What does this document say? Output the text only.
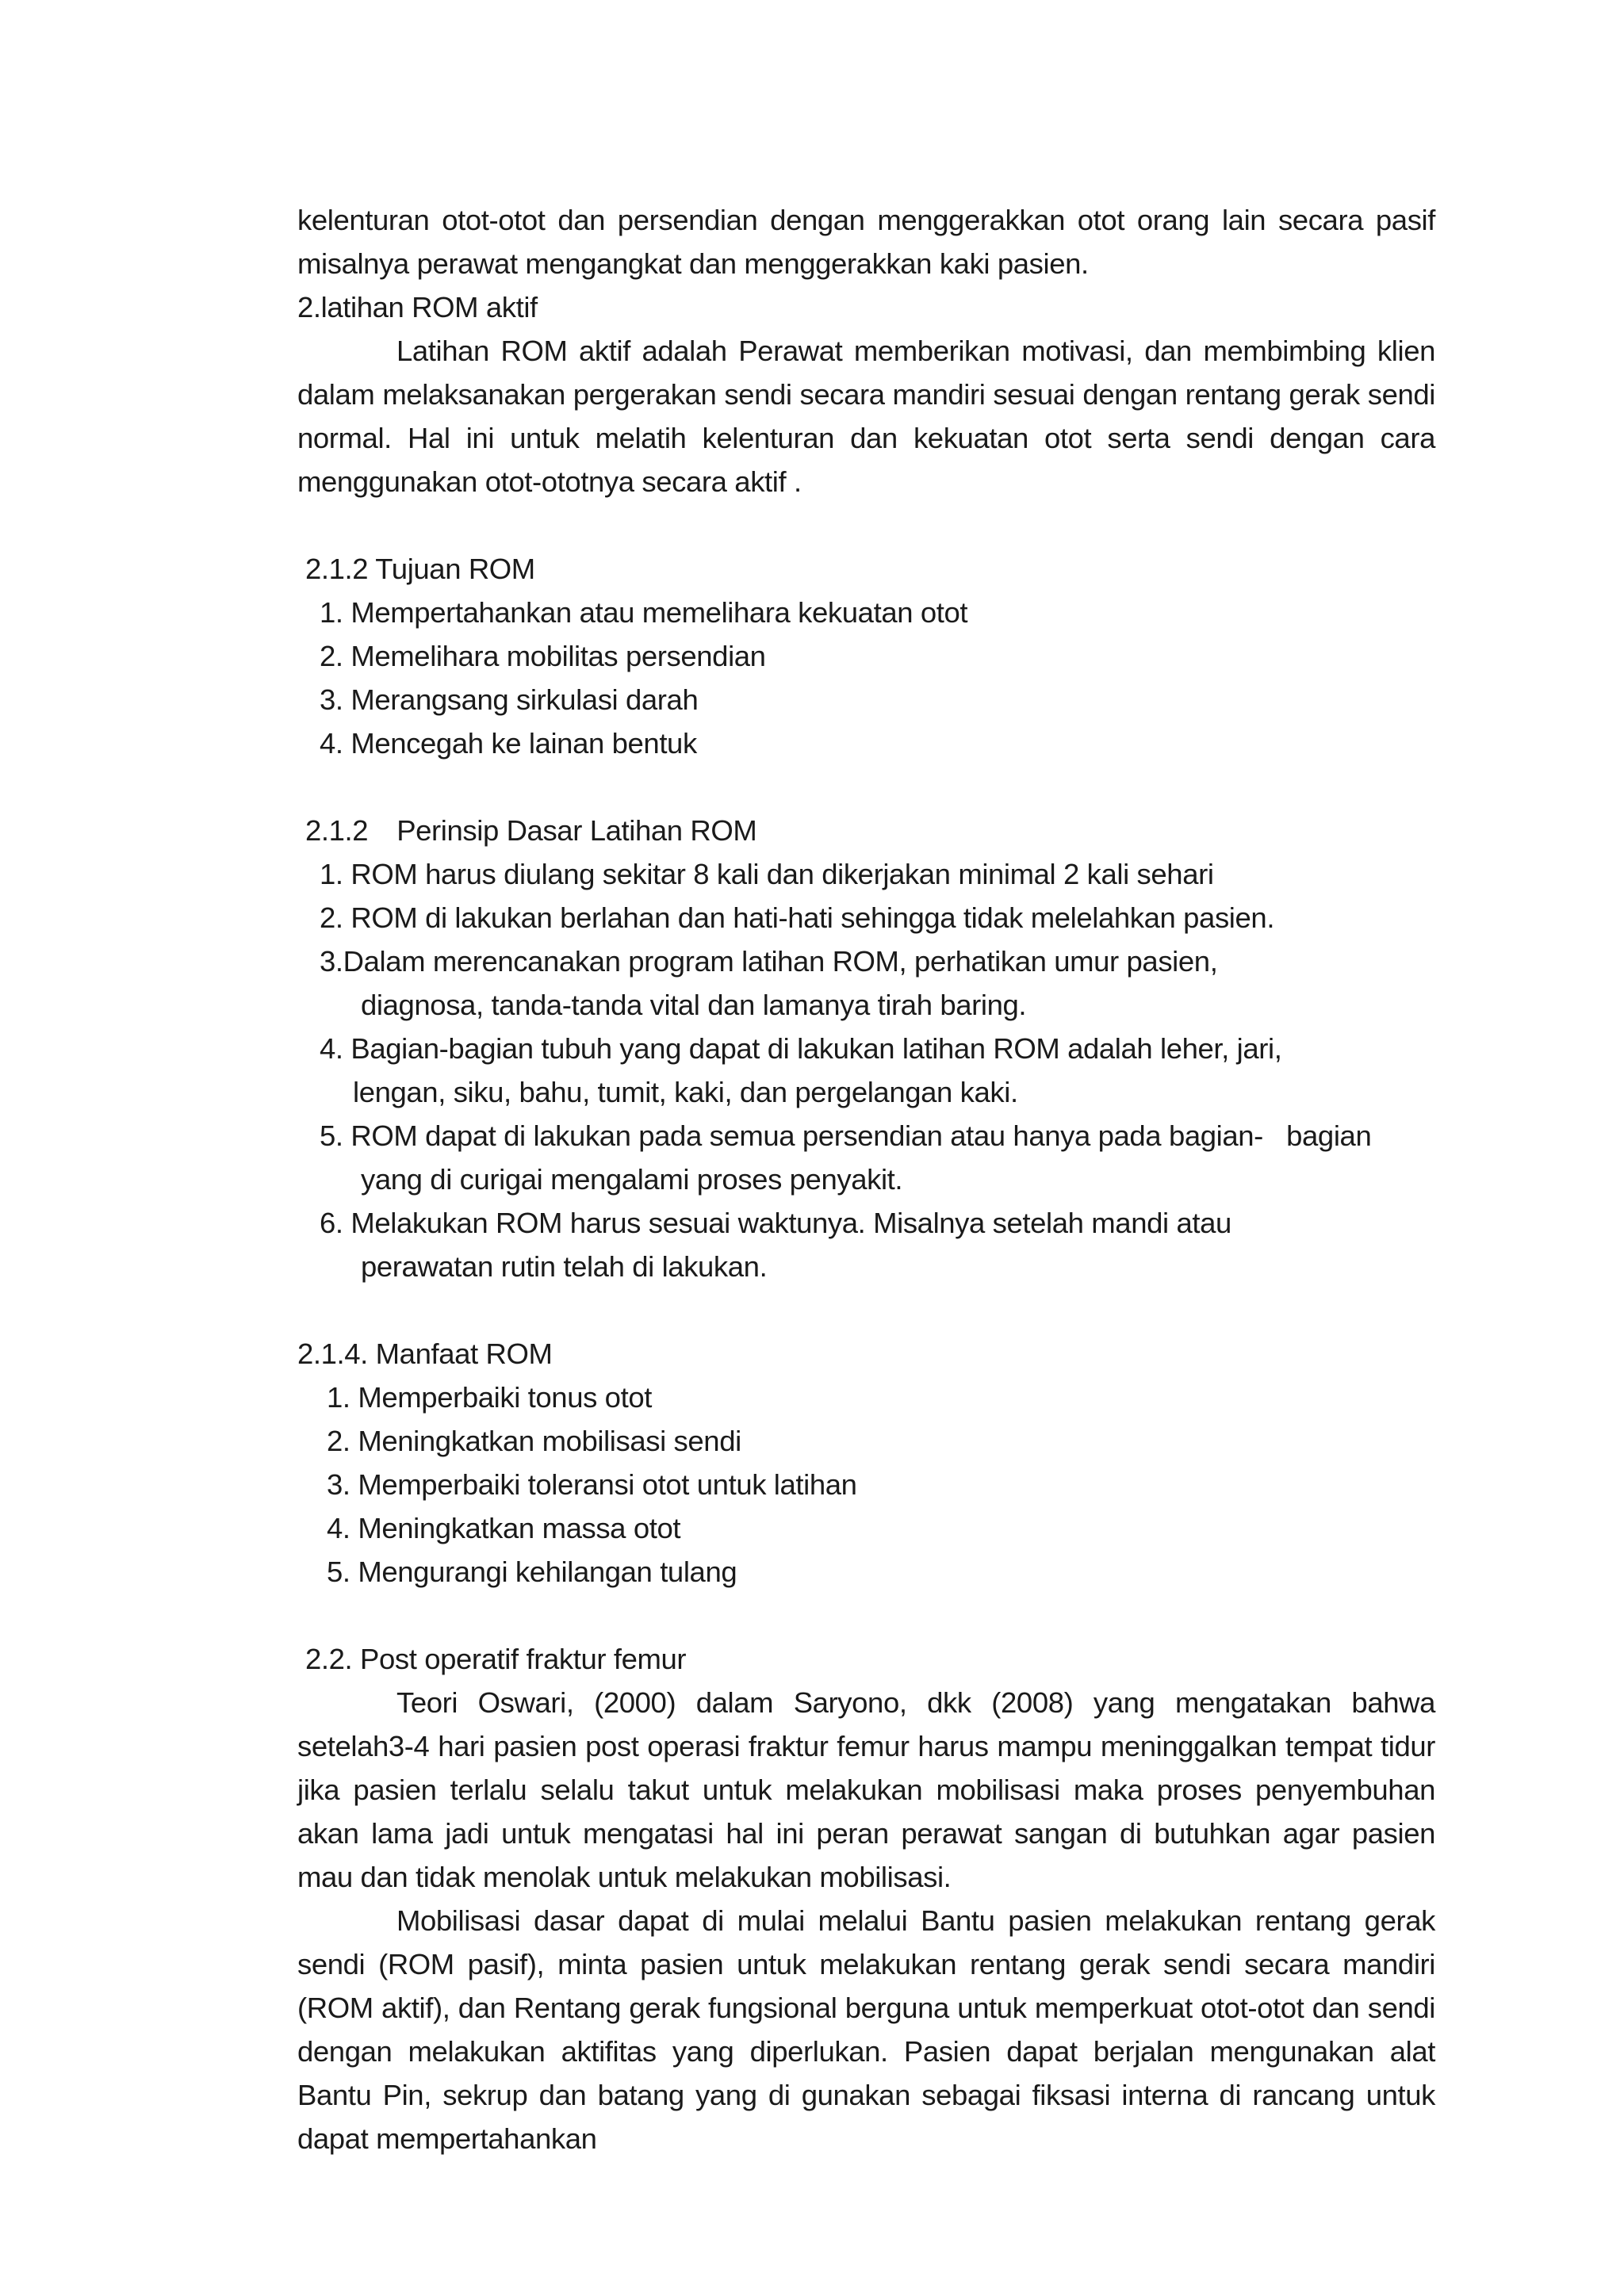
kelenturan otot-otot dan persendian dengan menggerakkan otot orang lain secara pasif misalnya perawat mengangkat dan menggerakkan kaki pasien.

2.latihan ROM aktif

Latihan ROM aktif adalah Perawat memberikan motivasi, dan membimbing klien dalam melaksanakan pergerakan sendi secara mandiri sesuai dengan rentang gerak sendi normal. Hal ini untuk melatih kelenturan dan kekuatan otot serta sendi dengan cara menggunakan otot-ototnya secara aktif .

2.1.2 Tujuan ROM
1. Mempertahankan atau memelihara kekuatan otot
2. Memelihara mobilitas persendian
3. Merangsang sirkulasi darah
4. Mencegah ke lainan bentuk
2.1.2 Perinsip Dasar Latihan ROM
1. ROM harus diulang sekitar 8 kali dan dikerjakan minimal 2 kali sehari
2. ROM di lakukan berlahan dan hati-hati sehingga tidak melelahkan pasien.
3.Dalam merencanakan program latihan ROM, perhatikan umur pasien,
diagnosa, tanda-tanda vital dan lamanya tirah baring.
4. Bagian-bagian tubuh yang dapat di lakukan latihan ROM adalah leher, jari,
lengan, siku, bahu, tumit, kaki, dan pergelangan kaki.
5. ROM dapat di lakukan pada semua persendian atau hanya pada bagian-   bagian
yang di curigai mengalami proses penyakit.
6. Melakukan ROM harus sesuai waktunya. Misalnya setelah mandi atau
perawatan rutin telah di lakukan.
2.1.4. Manfaat ROM
1. Memperbaiki tonus otot
2. Meningkatkan mobilisasi sendi
3. Memperbaiki toleransi otot untuk latihan
4. Meningkatkan massa otot
5. Mengurangi kehilangan tulang
2.2. Post operatif fraktur femur

Teori Oswari, (2000) dalam Saryono, dkk (2008) yang mengatakan bahwa setelah3-4 hari pasien post operasi fraktur femur harus mampu meninggalkan tempat tidur jika pasien terlalu selalu takut untuk melakukan mobilisasi maka proses penyembuhan akan lama jadi untuk mengatasi hal ini peran perawat sangan di butuhkan agar pasien mau dan tidak menolak untuk melakukan mobilisasi.

Mobilisasi dasar dapat di mulai melalui Bantu pasien melakukan rentang gerak sendi (ROM pasif), minta pasien untuk melakukan rentang gerak sendi secara mandiri (ROM aktif), dan Rentang gerak fungsional berguna untuk memperkuat otot-otot dan sendi dengan melakukan aktifitas yang diperlukan. Pasien dapat berjalan mengunakan alat Bantu Pin, sekrup dan batang yang di gunakan sebagai fiksasi interna di rancang untuk dapat mempertahankan
